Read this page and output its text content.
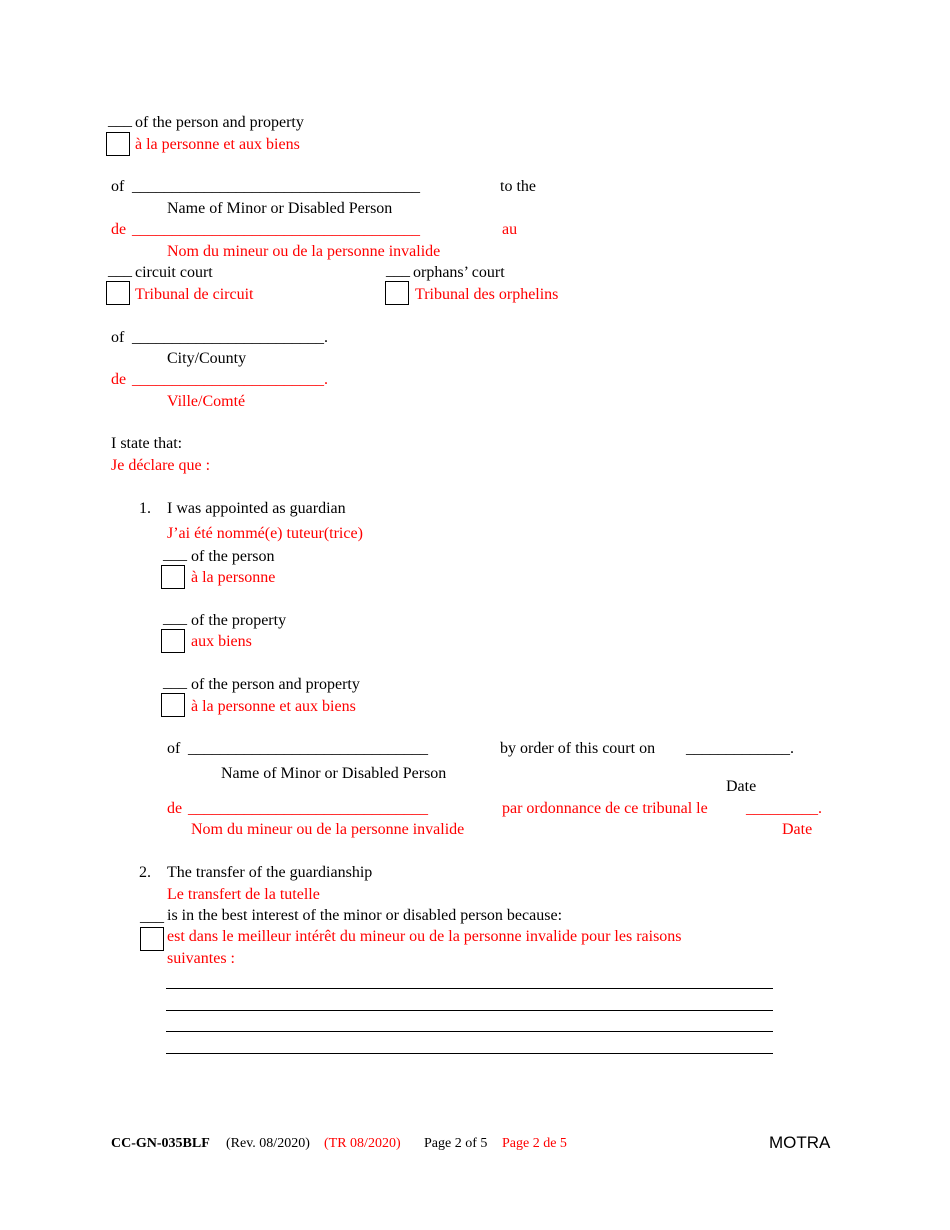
___ of the person and property
à la personne et aux biens
of ____________________________________	to the
Name of Minor or Disabled Person
de ____________________________________	au
Nom du mineur ou de la personne invalide
___ circuit court
Tribunal de circuit
___ orphans’ court
Tribunal des orphelins
of ________________________.
City/County
de ________________________.
Ville/Comté
I state that:
Je déclare que :
1. I was appointed as guardian
J’ai été nommé(e) tuteur(trice)
___ of the person
à la personne
___ of the property
aux biens
___ of the person and property
à la personne et aux biens
of ______________________________	by order of this court on _____________.
Name of Minor or Disabled Person
Date
de ______________________________	par ordonnance de ce tribunal le _________.
Nom du mineur ou de la personne invalide	Date
2. The transfer of the guardianship
Le transfert de la tutelle
is in the best interest of the minor or disabled person because:
___
est dans le meilleur intérêt du mineur ou de la personne invalide pour les raisons
suivantes :
CC-GN-035BLF (Rev. 08/2020) (TR 08/2020) Page 2 of 5 Page 2 de 5	MOTRA
